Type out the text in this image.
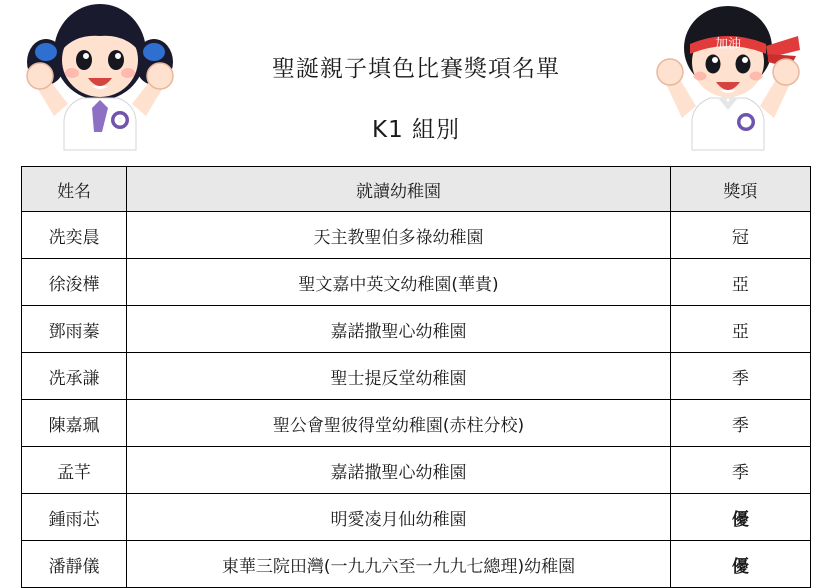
加油
聖誕親子填色比賽獎項名單
K1 組別
姓名	就讀幼稚園	獎項
冼奕晨	天主教聖伯多祿幼稚園	冠
徐浚樺	聖文嘉中英文幼稚園(華貴)	亞
鄧雨蓁	嘉諾撒聖心幼稚園	亞
冼承謙	聖士提反堂幼稚園	季
陳嘉珮	聖公會聖彼得堂幼稚園(赤柱分校)	季
孟芊	嘉諾撒聖心幼稚園	季
鍾雨芯	明愛凌月仙幼稚園	優
潘靜儀	東華三院田灣(一九九六至一九九七總理)幼稚園	優
